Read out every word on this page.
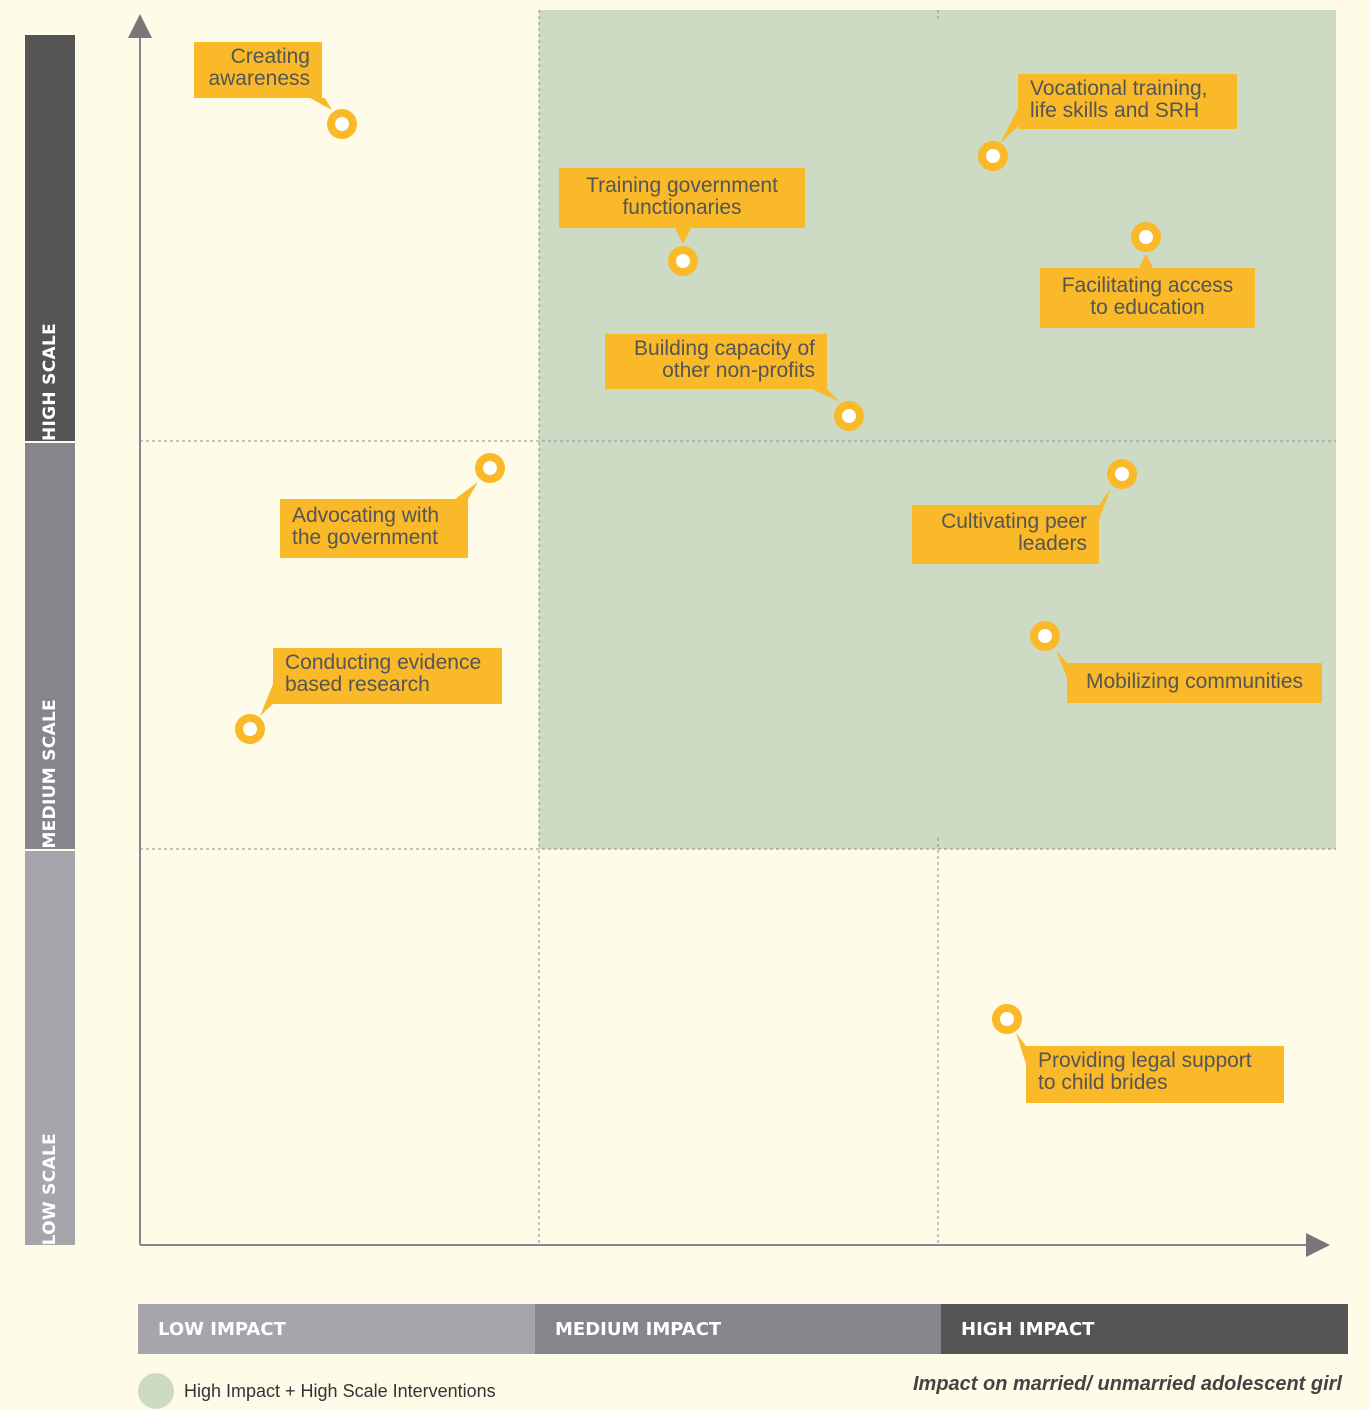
HIGH SCALE
MEDIUM SCALE
LOW SCALE
LOW IMPACT	MEDIUM IMPACT	HIGH IMPACT
Creating
awareness	Vocational training,
life skills and SRH
Training government
functionaries
Facilitating access
to education
Building capacity of
other non-profits
Advocating with
the government
Cultivating peer
leaders
Conducting evidence
based research	Mobilizing communities
Providing legal support
to child brides
High Impact + High Scale Interventions	Impact on married/ unmarried adolescent girl
